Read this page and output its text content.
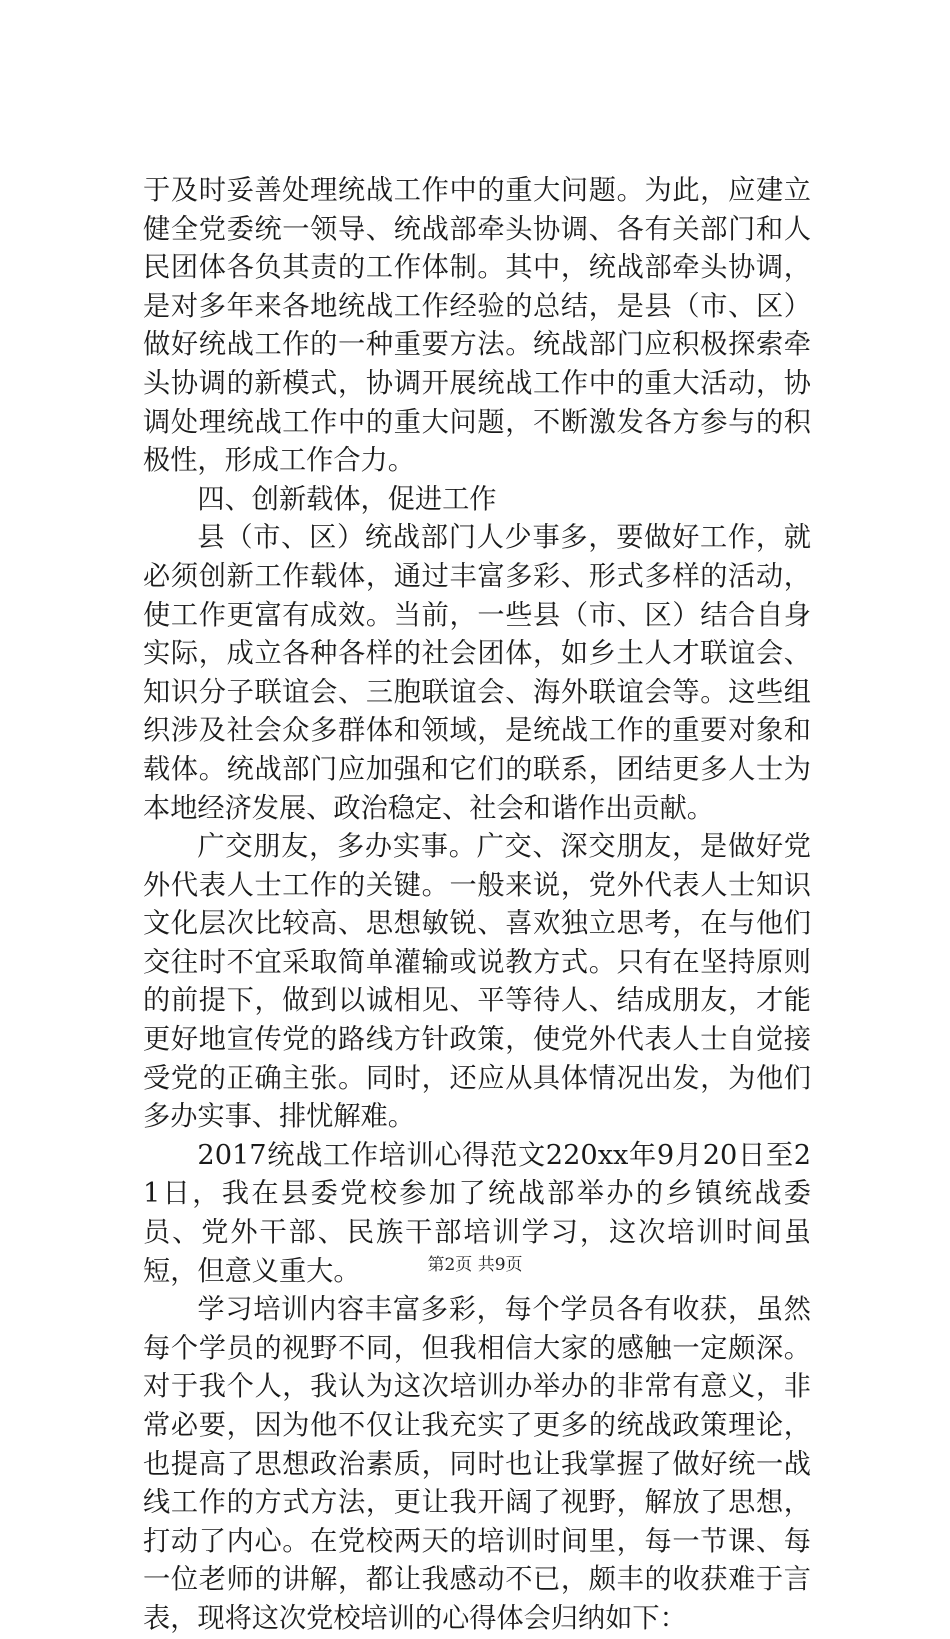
于及时妥善处理统战工作中的重大问题。为此，应建立健全党委统一领导、统战部牵头协调、各有关部门和人民团体各负其责的工作体制。其中，统战部牵头协调，是对多年来各地统战工作经验的总结，是县（市、区）做好统战工作的一种重要方法。统战部门应积极探索牵头协调的新模式，协调开展统战工作中的重大活动，协调处理统战工作中的重大问题，不断激发各方参与的积极性，形成工作合力。

四、创新载体，促进工作

县（市、区）统战部门人少事多，要做好工作，就必须创新工作载体，通过丰富多彩、形式多样的活动，使工作更富有成效。当前，一些县（市、区）结合自身实际，成立各种各样的社会团体，如乡土人才联谊会、知识分子联谊会、三胞联谊会、海外联谊会等。这些组织涉及社会众多群体和领域，是统战工作的重要对象和载体。统战部门应加强和它们的联系，团结更多人士为本地经济发展、政治稳定、社会和谐作出贡献。

广交朋友，多办实事。广交、深交朋友，是做好党外代表人士工作的关键。一般来说，党外代表人士知识文化层次比较高、思想敏锐、喜欢独立思考，在与他们交往时不宜采取简单灌输或说教方式。只有在坚持原则的前提下，做到以诚相见、平等待人、结成朋友，才能更好地宣传党的路线方针政策，使党外代表人士自觉接受党的正确主张。同时，还应从具体情况出发，为他们多办实事、排忧解难。

2017统战工作培训心得范文220xx年9月20日至21日，我在县委党校参加了统战部举办的乡镇统战委员、党外干部、民族干部培训学习，这次培训时间虽短，但意义重大。

学习培训内容丰富多彩，每个学员各有收获，虽然每个学员的视野不同，但我相信大家的感触一定颇深。对于我个人，我认为这次培训办举办的非常有意义，非常必要，因为他不仅让我充实了更多的统战政策理论，也提高了思想政治素质，同时也让我掌握了做好统一战线工作的方式方法，更让我开阔了视野，解放了思想，打动了内心。在党校两天的培训时间里，每一节课、每一位老师的讲解，都让我感动不已，颇丰的收获难于言表，现将这次党校培训的心得体会归纳如下：

第2页 共9页
